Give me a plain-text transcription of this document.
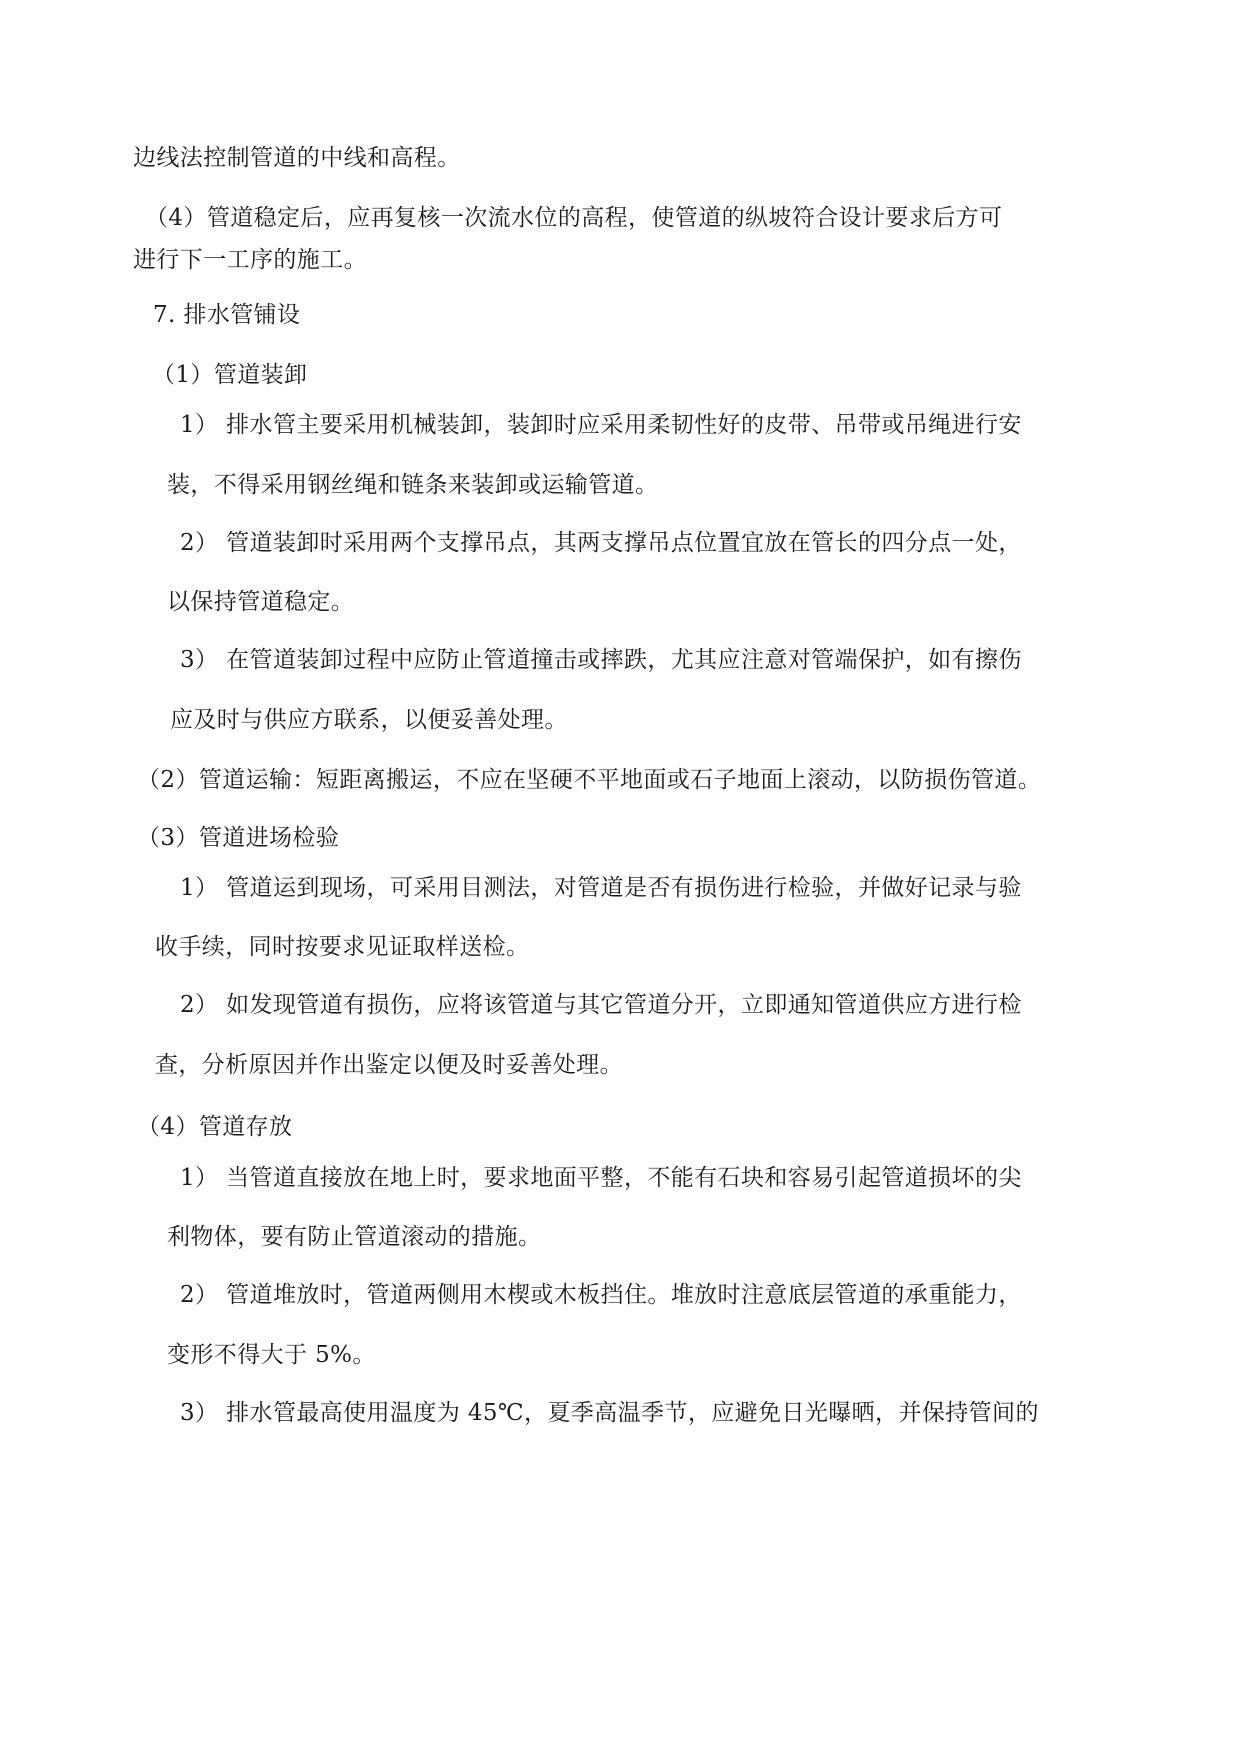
边线法控制管道的中线和高程。
（4）管道稳定后，应再复核一次流水位的高程，使管道的纵坡符合设计要求后方可
进行下一工序的施工。
7. 排水管铺设
（1）管道装卸
1） 排水管主要采用机械装卸，装卸时应采用柔韧性好的皮带、吊带或吊绳进行安
装，不得采用钢丝绳和链条来装卸或运输管道。
2） 管道装卸时采用两个支撑吊点，其两支撑吊点位置宜放在管长的四分点一处，
以保持管道稳定。
3） 在管道装卸过程中应防止管道撞击或摔跌，尤其应注意对管端保护，如有擦伤
应及时与供应方联系，以便妥善处理。
（2）管道运输：短距离搬运，不应在坚硬不平地面或石子地面上滚动，以防损伤管道。
（3）管道进场检验
1） 管道运到现场，可采用目测法，对管道是否有损伤进行检验，并做好记录与验
收手续，同时按要求见证取样送检。
2） 如发现管道有损伤，应将该管道与其它管道分开，立即通知管道供应方进行检
查，分析原因并作出鉴定以便及时妥善处理。
（4）管道存放
1） 当管道直接放在地上时，要求地面平整，不能有石块和容易引起管道损坏的尖
利物体，要有防止管道滚动的措施。
2） 管道堆放时，管道两侧用木楔或木板挡住。堆放时注意底层管道的承重能力，
变形不得大于 5%。
3） 排水管最高使用温度为 45℃，夏季高温季节，应避免日光曝晒，并保持管间的
